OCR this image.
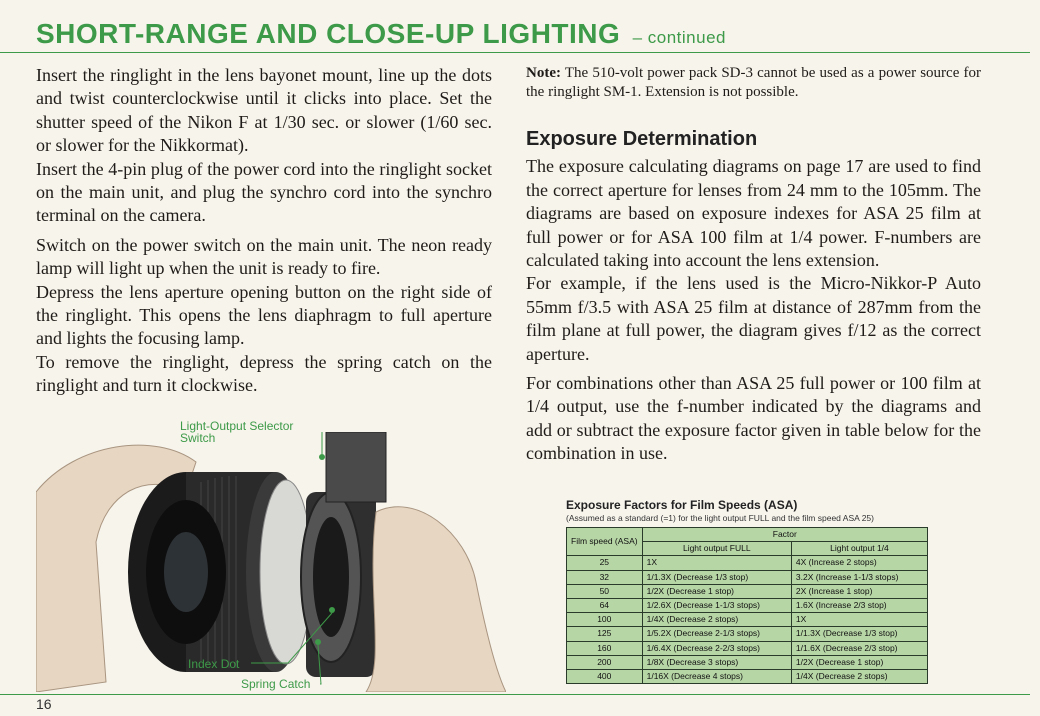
SHORT-RANGE AND CLOSE-UP LIGHTING – continued

Insert the ringlight in the lens bayonet mount, line up the dots and twist counterclockwise until it clicks into place. Set the shutter speed of the Nikon F at 1/30 sec. or slower (1/60 sec. or slower for the Nikkormat).

Insert the 4-pin plug of the power cord into the ringlight socket on the main unit, and plug the synchro cord into the synchro terminal on the camera.

Switch on the power switch on the main unit. The neon ready lamp will light up when the unit is ready to fire.

Depress the lens aperture opening button on the right side of the ringlight. This opens the lens diaphragm to full aperture and lights the focusing lamp.

To remove the ringlight, depress the spring catch on the ringlight and turn it clockwise.

Light-Output Selector
Switch
Index Dot
Spring Catch

Note: The 510-volt power pack SD-3 cannot be used as a power source for the ringlight SM-1. Extension is not possible.

Exposure Determination

The exposure calculating diagrams on page 17 are used to find the correct aperture for lenses from 24 mm to the 105mm. The diagrams are based on exposure indexes for ASA 25 film at full power or for ASA 100 film at 1/4 power. F-numbers are calculated taking into account the lens extension.

For example, if the lens used is the Micro-Nikkor-P Auto 55mm f/3.5 with ASA 25 film at distance of 287mm from the film plane at full power, the diagram gives f/12 as the correct aperture.

For combinations other than ASA 25 full power or 100 film at 1/4 output, use the f-number indicated by the diagrams and add or subtract the exposure factor given in table below for the combination in use.

Exposure Factors for Film Speeds (ASA)
(Assumed as a standard (=1) for the light output FULL and the film speed ASA 25)
Film speed (ASA)	Factor	
	Light output FULL	Light output 1/4
25	1X	4X (Increase 2 stops)
32	1/1.3X (Decrease 1/3 stop)	3.2X (Increase 1-1/3 stops)
50	1/2X (Decrease 1 stop)	2X (Increase 1 stop)
64	1/2.6X (Decrease 1-1/3 stops)	1.6X (Increase 2/3 stop)
100	1/4X (Decrease 2 stops)	1X
125	1/5.2X (Decrease 2-1/3 stops)	1/1.3X (Decrease 1/3 stop)
160	1/6.4X (Decrease 2-2/3 stops)	1/1.6X (Decrease 2/3 stop)
200	1/8X (Decrease 3 stops)	1/2X (Decrease 1 stop)
400	1/16X (Decrease 4 stops)	1/4X (Decrease 2 stops)
16
